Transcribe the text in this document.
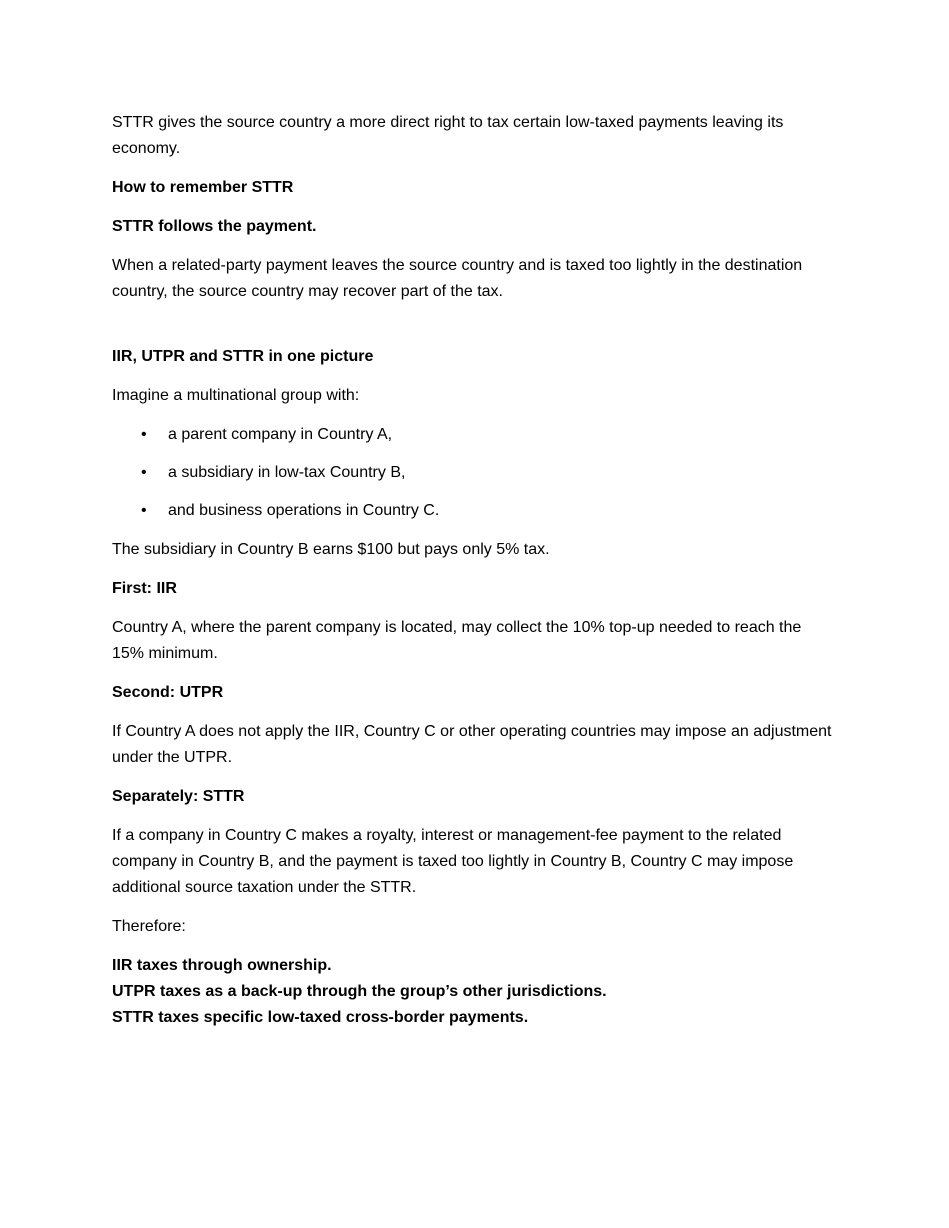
STTR gives the source country a more direct right to tax certain low-taxed payments leaving its economy.

How to remember STTR

STTR follows the payment.

When a related-party payment leaves the source country and is taxed too lightly in the destination country, the source country may recover part of the tax.

IIR, UTPR and STTR in one picture

Imagine a multinational group with:

• a parent company in Country A,
• a subsidiary in low-tax Country B,
• and business operations in Country C.

The subsidiary in Country B earns $100 but pays only 5% tax.

First: IIR

Country A, where the parent company is located, may collect the 10% top-up needed to reach the 15% minimum.

Second: UTPR

If Country A does not apply the IIR, Country C or other operating countries may impose an adjustment under the UTPR.

Separately: STTR

If a company in Country C makes a royalty, interest or management-fee payment to the related company in Country B, and the payment is taxed too lightly in Country B, Country C may impose additional source taxation under the STTR.

Therefore:

IIR taxes through ownership.

UTPR taxes as a back-up through the group’s other jurisdictions.

STTR taxes specific low-taxed cross-border payments.
